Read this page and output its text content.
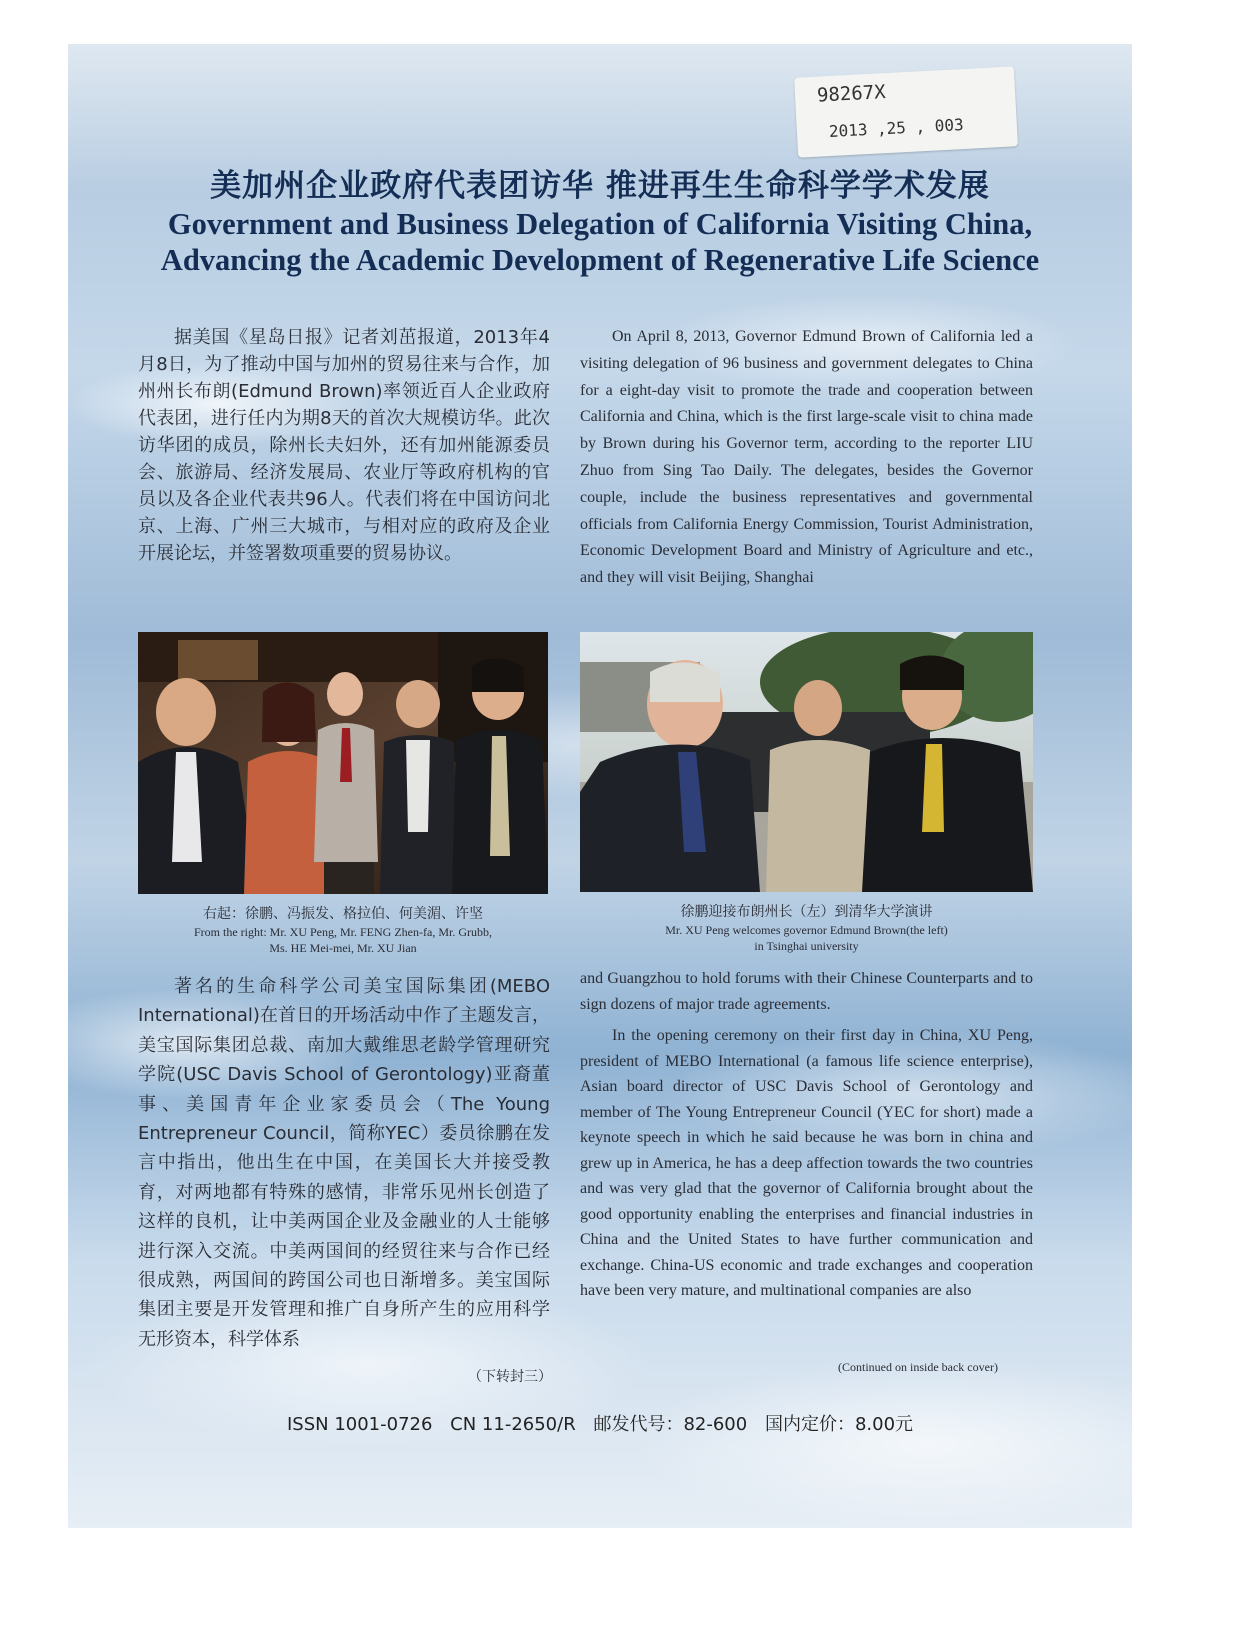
98267X
2013 ,25 , 003
美加州企业政府代表团访华 推进再生生命科学学术发展
Government and Business Delegation of California Visiting China,
Advancing the Academic Development of Regenerative Life Science

据美国《星岛日报》记者刘茁报道，2013年4月8日，为了推动中国与加州的贸易往来与合作，加州州长布朗(Edmund Brown)率领近百人企业政府代表团，进行任内为期8天的首次大规模访华。此次访华团的成员，除州长夫妇外，还有加州能源委员会、旅游局、经济发展局、农业厅等政府机构的官员以及各企业代表共96人。代表们将在中国访问北京、上海、广州三大城市，与相对应的政府及企业开展论坛，并签署数项重要的贸易协议。

On April 8, 2013, Governor Edmund Brown of California led a visiting delegation of 96 business and government delegates to China for a eight-day visit to promote the trade and cooperation between California and China, which is the first large-scale visit to china made by Brown during his Governor term, according to the reporter LIU Zhuo from Sing Tao Daily. The delegates, besides the Governor couple, include the business representatives and governmental officials from California Energy Commission, Tourist Administration, Economic Development Board and Ministry of Agriculture and etc., and they will visit Beijing, Shanghai

右起：徐鹏、冯振发、格拉伯、何美湄、许坚
From the right: Mr. XU Peng, Mr. FENG Zhen-fa, Mr. Grubb,
Ms. HE Mei-mei, Mr. XU Jian
徐鹏迎接布朗州长（左）到清华大学演讲
Mr. XU Peng welcomes governor Edmund Brown(the left)
in Tsinghai university

著名的生命科学公司美宝国际集团(MEBO International)在首日的开场活动中作了主题发言，美宝国际集团总裁、南加大戴维思老龄学管理研究学院(USC Davis School of Gerontology)亚裔董事、美国青年企业家委员会（The Young Entrepreneur Council，简称YEC）委员徐鹏在发言中指出，他出生在中国，在美国长大并接受教育，对两地都有特殊的感情，非常乐见州长创造了这样的良机，让中美两国企业及金融业的人士能够进行深入交流。中美两国间的经贸往来与合作已经很成熟，两国间的跨国公司也日渐增多。美宝国际集团主要是开发管理和推广自身所产生的应用科学无形资本，科学体系

（下转封三）

and Guangzhou to hold forums with their Chinese Counterparts and to sign dozens of major trade agreements.

In the opening ceremony on their first day in China, XU Peng, president of MEBO International (a famous life science enterprise), Asian board director of USC Davis School of Gerontology and member of The Young Entrepreneur Council (YEC for short) made a keynote speech in which he said because he was born in china and grew up in America, he has a deep affection towards the two countries and was very glad that the governor of California brought about the good opportunity enabling the enterprises and financial industries in China and the United States to have further communication and exchange. China-US economic and trade exchanges and cooperation have been very mature, and multinational companies are also

(Continued on inside back cover)
ISSN 1001-0726 CN 11-2650/R 邮发代号：82-600 国内定价：8.00元
